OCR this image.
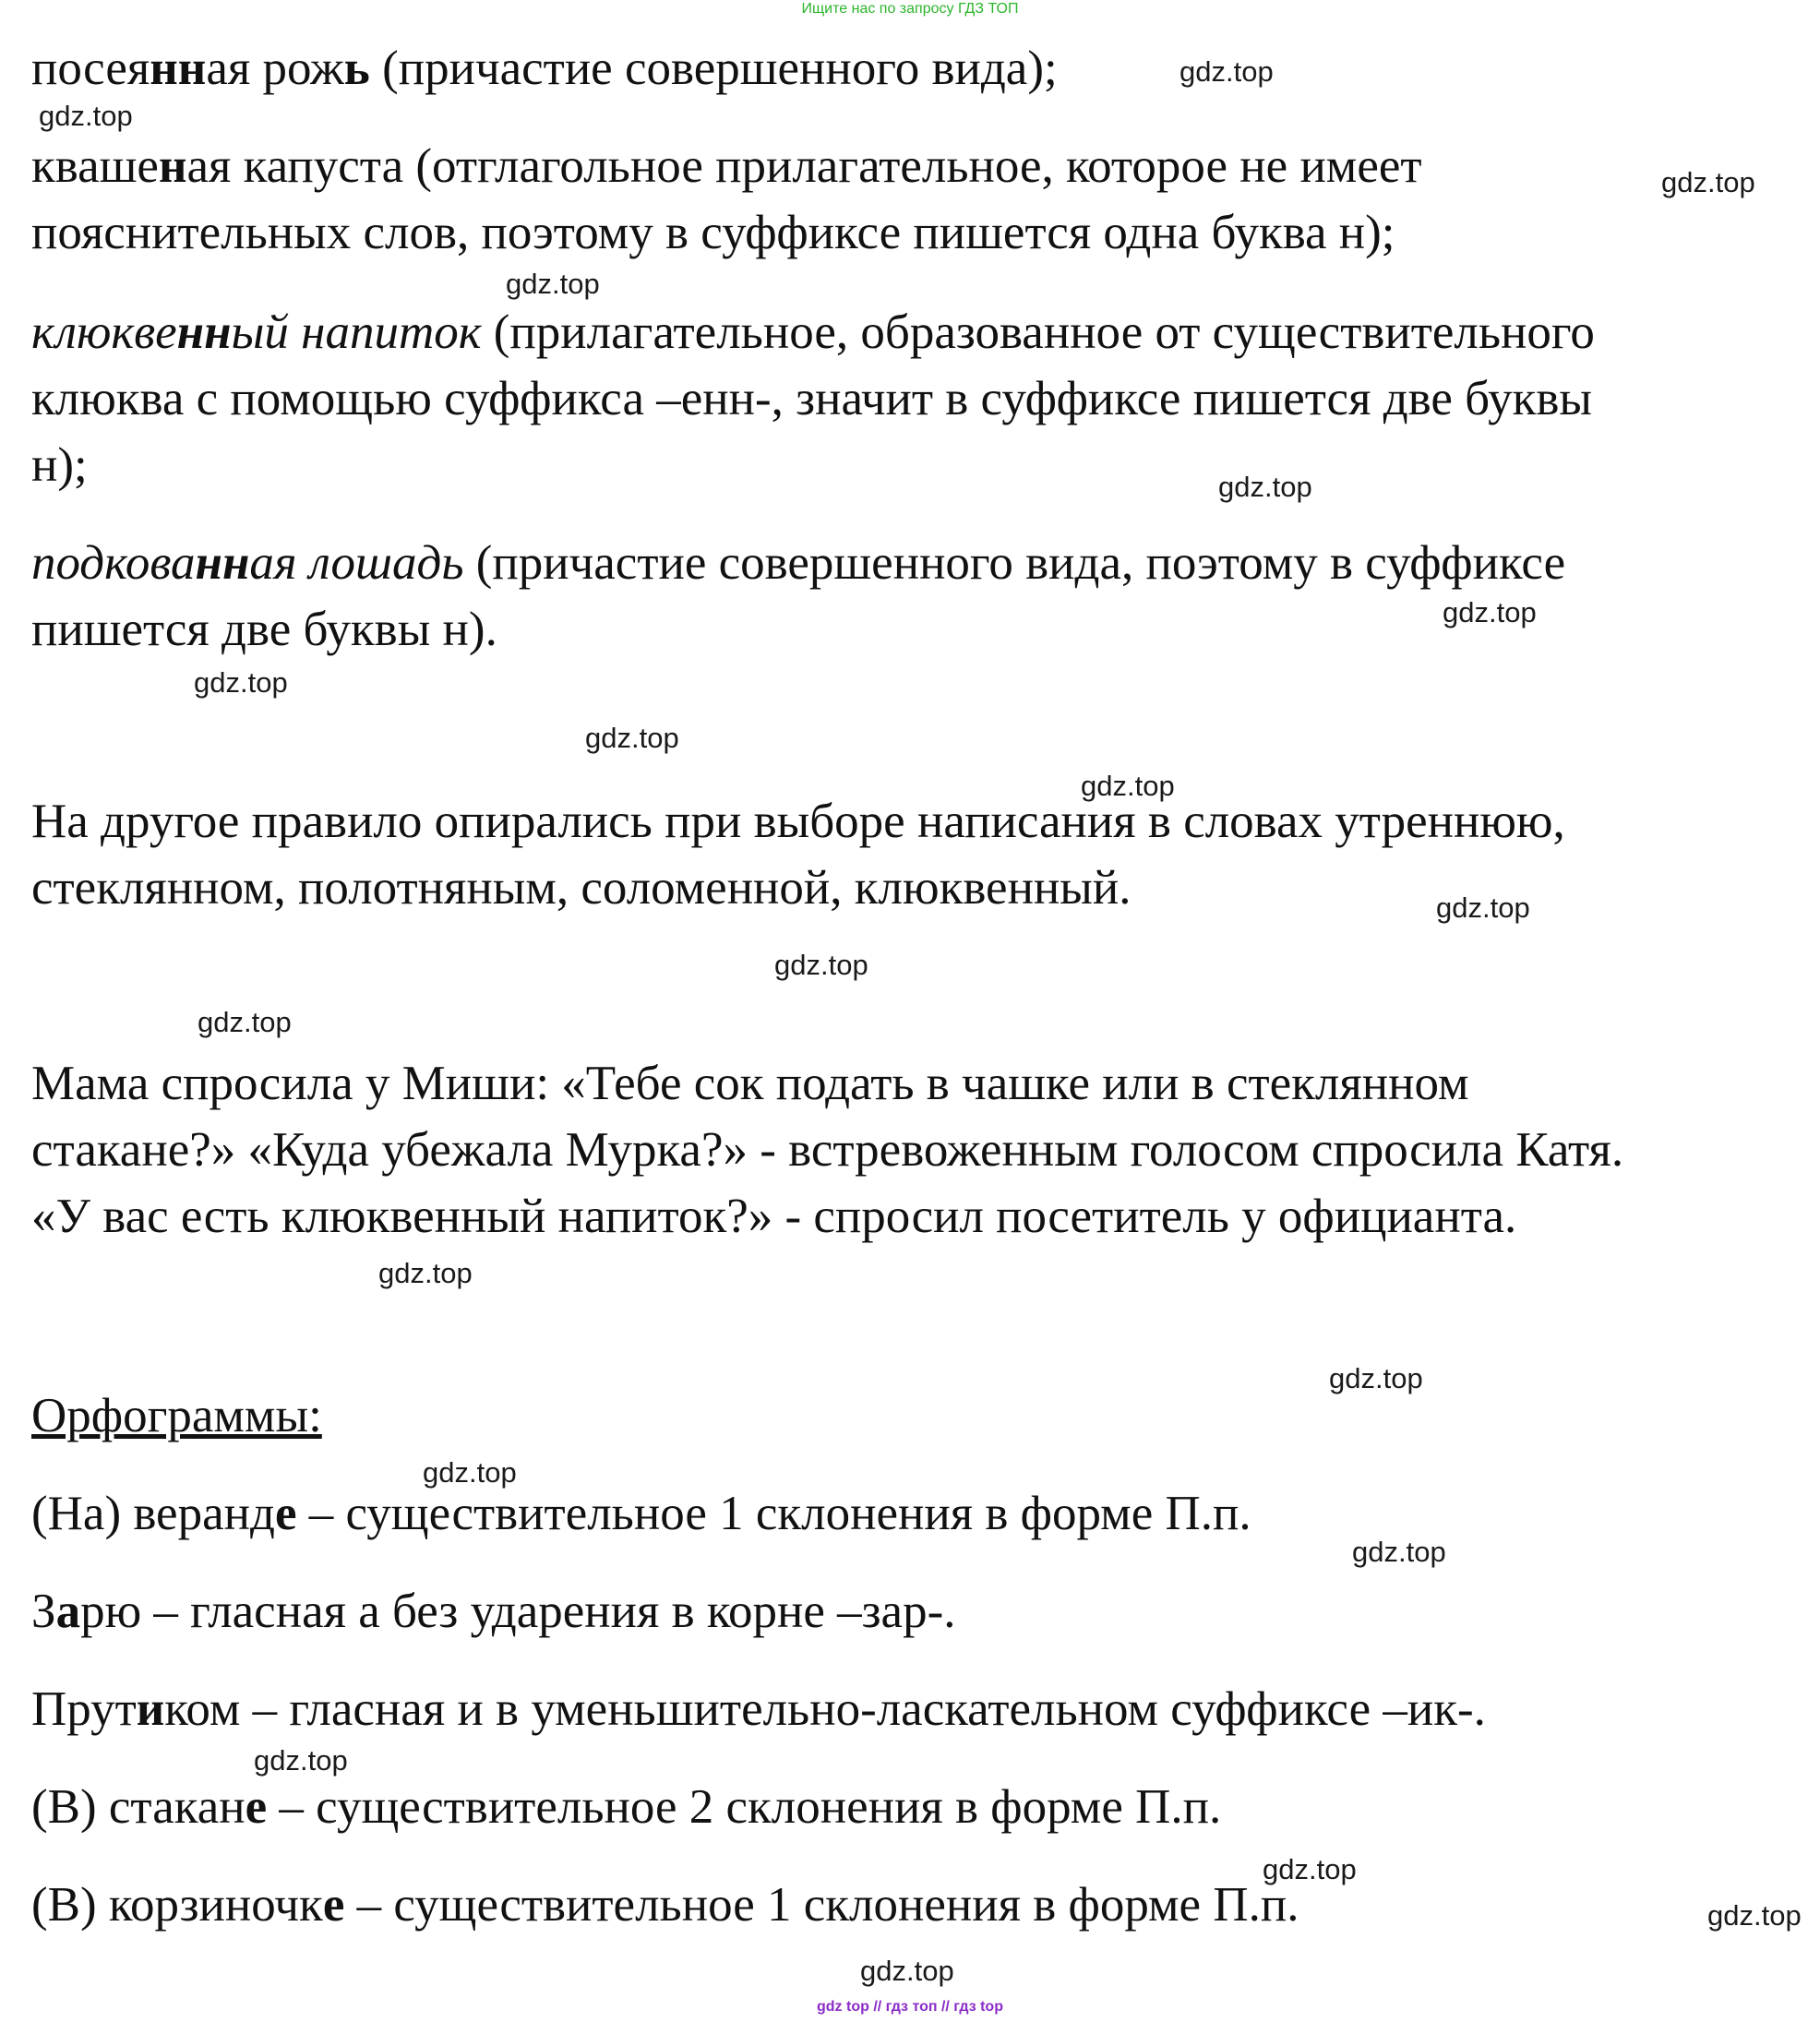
Ищите нас по запросу ГДЗ ТОП
посеянная рожь (причастие совершенного вида);
квашеная капуста (отглагольное прилагательное, которое не имеет
пояснительных слов, поэтому в суффиксе пишется одна буква н);
клюквенный напиток (прилагательное, образованное от существительного
клюква с помощью суффикса –енн-, значит в суффиксе пишется две буквы
н);
подкованная лошадь (причастие совершенного вида, поэтому в суффиксе
пишется две буквы н).
На другое правило опирались при выборе написания в словах утреннюю,
стеклянном, полотняным, соломенной, клюквенный.
Мама спросила у Миши: «Тебе сок подать в чашке или в стеклянном
стакане?» «Куда убежала Мурка?» - встревоженным голосом спросила Катя.
«У вас есть клюквенный напиток?» - спросил посетитель у официанта.
Орфограммы:
(На) веранде – существительное 1 склонения в форме П.п.
Зарю – гласная а без ударения в корне –зар-.
Прутиком – гласная и в уменьшительно-ласкательном суффиксе –ик-.
(В) стакане – существительное 2 склонения в форме П.п.
(В) корзиночке – существительное 1 склонения в форме П.п.
gdz.top
gdz.top
gdz.top
gdz.top
gdz.top
gdz.top
gdz.top
gdz.top
gdz.top
gdz.top
gdz.top
gdz.top
gdz.top
gdz.top
gdz.top
gdz.top
gdz.top
gdz.top
gdz.top
gdz.top
gdz top // гдз топ // гдз top
